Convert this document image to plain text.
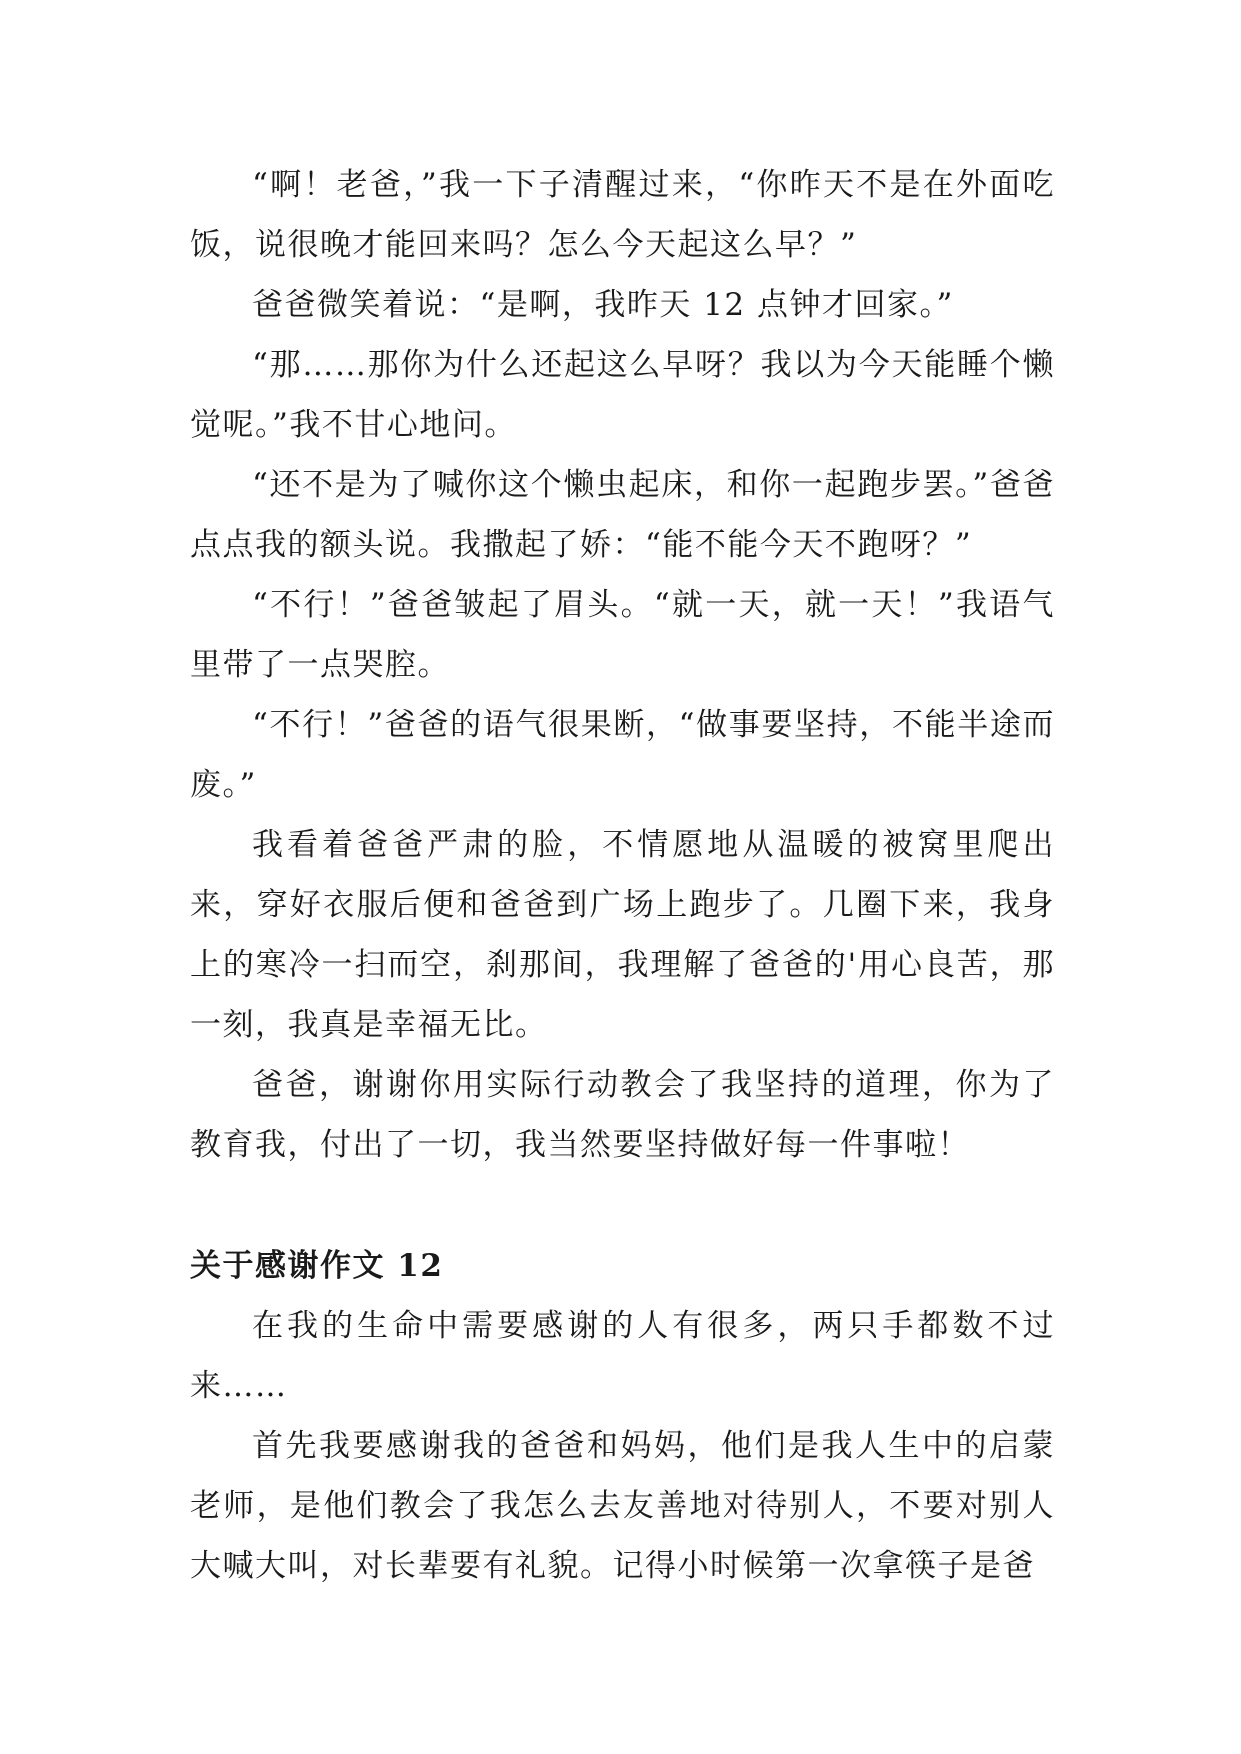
“啊！老爸，”我一下子清醒过来，“你昨天不是在外面吃饭，说很晚才能回来吗？怎么今天起这么早？”

爸爸微笑着说：“是啊，我昨天 12 点钟才回家。”

“那……那你为什么还起这么早呀？我以为今天能睡个懒觉呢。”我不甘心地问。

“还不是为了喊你这个懒虫起床，和你一起跑步罢。”爸爸点点我的额头说。我撒起了娇：“能不能今天不跑呀？”

“不行！”爸爸皱起了眉头。“就一天，就一天！”我语气里带了一点哭腔。

“不行！”爸爸的语气很果断，“做事要坚持，不能半途而废。”

我看着爸爸严肃的脸，不情愿地从温暖的被窝里爬出来，穿好衣服后便和爸爸到广场上跑步了。几圈下来，我身上的寒冷一扫而空，刹那间，我理解了爸爸的'用心良苦，那一刻，我真是幸福无比。

爸爸，谢谢你用实际行动教会了我坚持的道理，你为了教育我，付出了一切，我当然要坚持做好每一件事啦！

关于感谢作文 12

在我的生命中需要感谢的人有很多，两只手都数不过来……

首先我要感谢我的爸爸和妈妈，他们是我人生中的启蒙老师，是他们教会了我怎么去友善地对待别人，不要对别人大喊大叫，对长辈要有礼貌。记得小时候第一次拿筷子是爸
